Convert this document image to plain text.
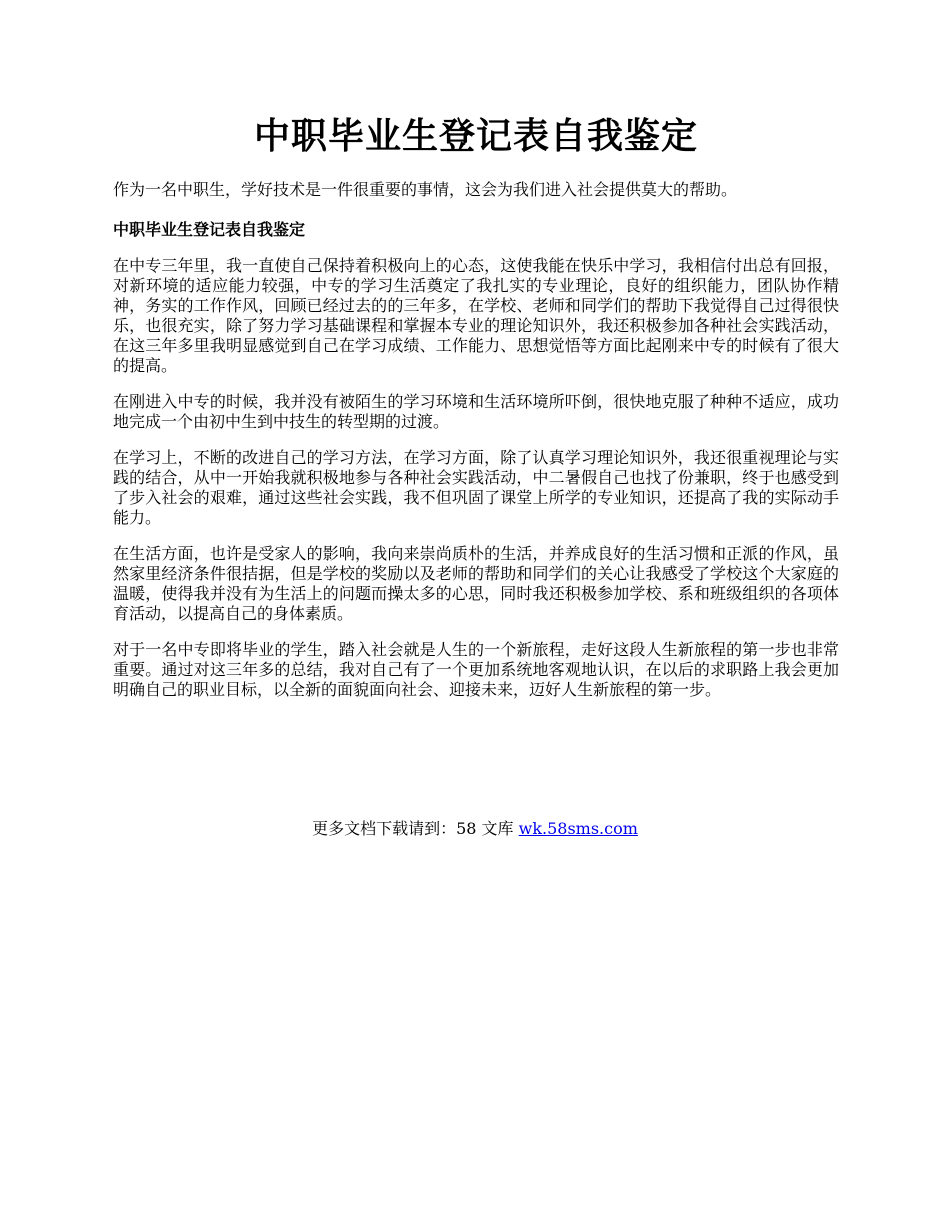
中职毕业生登记表自我鉴定

作为一名中职生，学好技术是一件很重要的事情，这会为我们进入社会提供莫大的帮助。

中职毕业生登记表自我鉴定

在中专三年里，我一直使自己保持着积极向上的心态，这使我能在快乐中学习，我相信付出总有回报，对新环境的适应能力较强，中专的学习生活奠定了我扎实的专业理论，良好的组织能力，团队协作精神，务实的工作作风，回顾已经过去的的三年多，在学校、老师和同学们的帮助下我觉得自己过得很快乐，也很充实，除了努力学习基础课程和掌握本专业的理论知识外，我还积极参加各种社会实践活动，在这三年多里我明显感觉到自己在学习成绩、工作能力、思想觉悟等方面比起刚来中专的时候有了很大的提高。

在刚进入中专的时候，我并没有被陌生的学习环境和生活环境所吓倒，很快地克服了种种不适应，成功地完成一个由初中生到中技生的转型期的过渡。

在学习上，不断的改进自己的学习方法，在学习方面，除了认真学习理论知识外，我还很重视理论与实践的结合，从中一开始我就积极地参与各种社会实践活动，中二暑假自己也找了份兼职，终于也感受到了步入社会的艰难，通过这些社会实践，我不但巩固了课堂上所学的专业知识，还提高了我的实际动手能力。

在生活方面，也许是受家人的影响，我向来崇尚质朴的生活，并养成良好的生活习惯和正派的作风，虽然家里经济条件很拮据，但是学校的奖励以及老师的帮助和同学们的关心让我感受了学校这个大家庭的温暖，使得我并没有为生活上的问题而操太多的心思，同时我还积极参加学校、系和班级组织的各项体育活动，以提高自己的身体素质。

对于一名中专即将毕业的学生，踏入社会就是人生的一个新旅程，走好这段人生新旅程的第一步也非常重要。通过对这三年多的总结，我对自己有了一个更加系统地客观地认识，在以后的求职路上我会更加明确自己的职业目标，以全新的面貌面向社会、迎接未来，迈好人生新旅程的第一步。

更多文档下载请到：58 文库 wk.58sms.com
